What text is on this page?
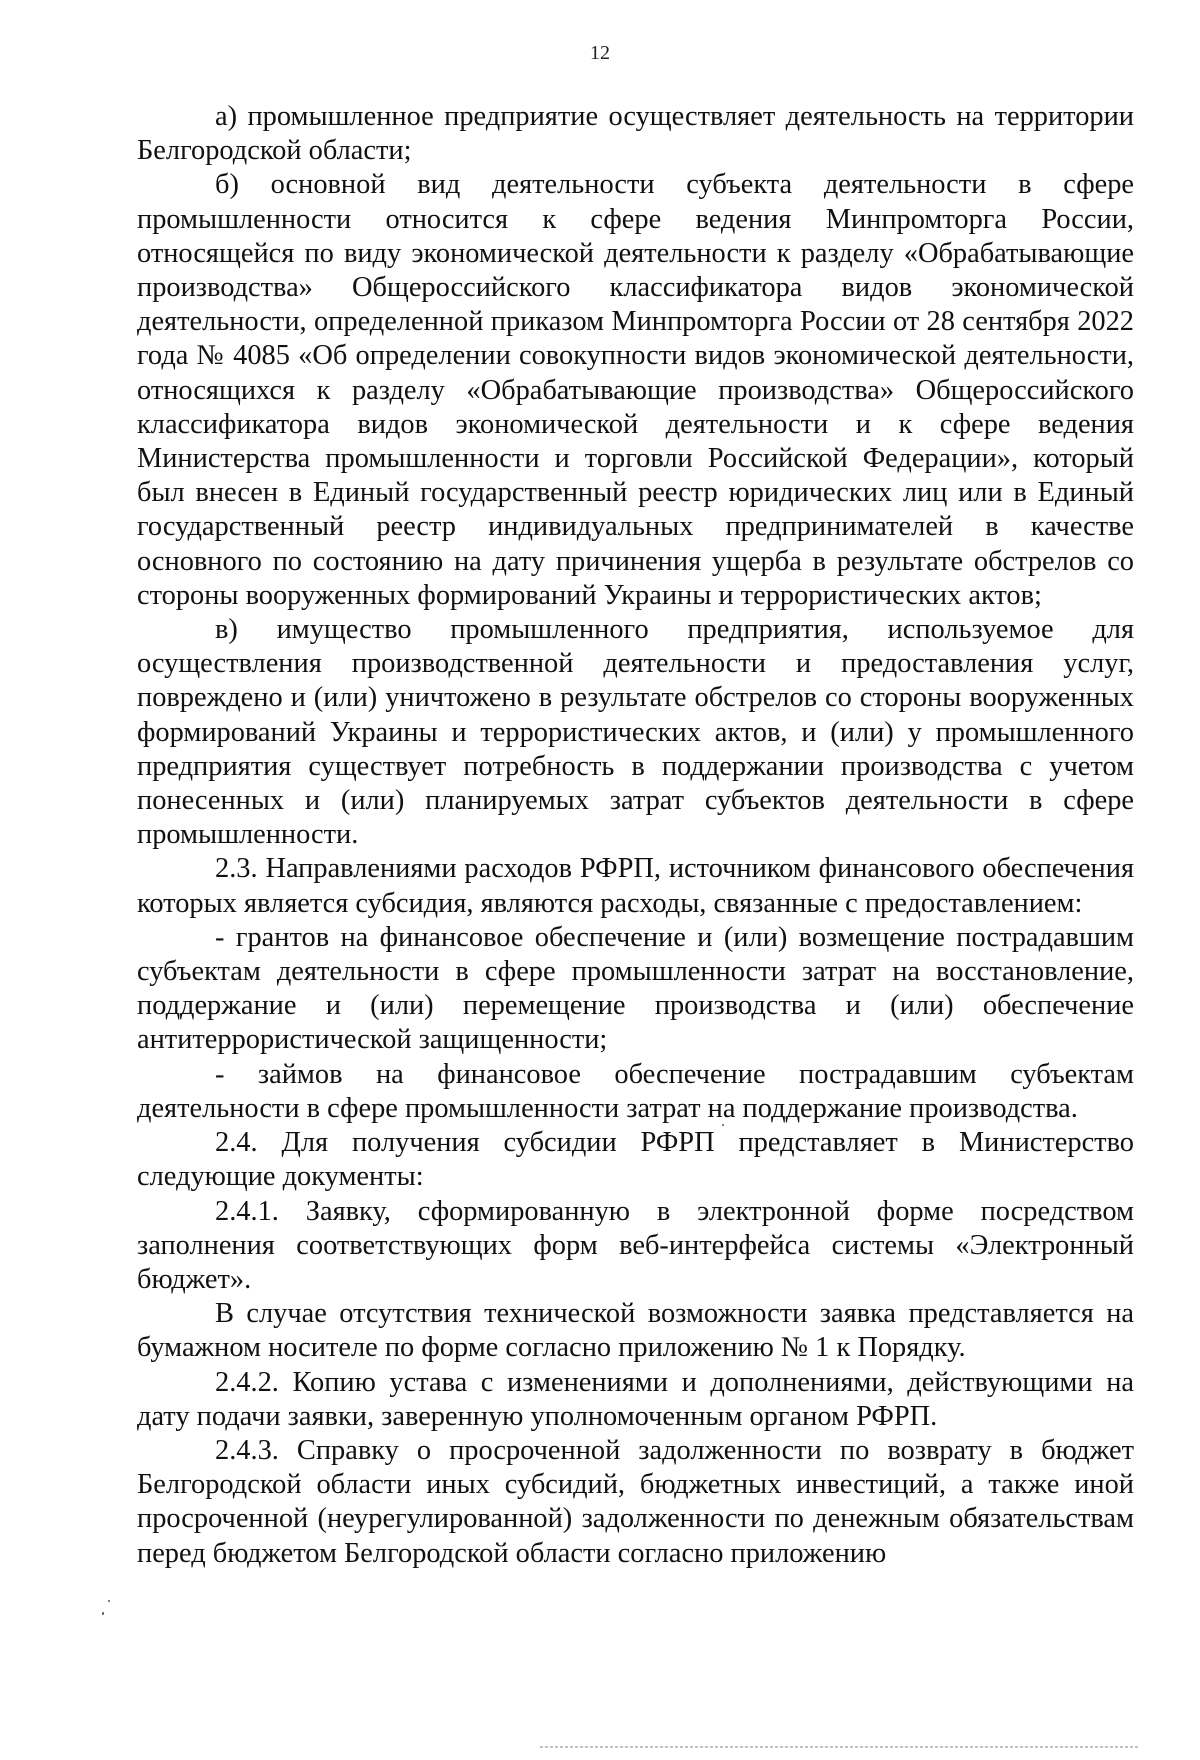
12

а) промышленное предприятие осуществляет деятельность на территории Белгородской области;

б) основной вид деятельности субъекта деятельности в сфере промышленности относится к сфере ведения Минпромторга России, относящейся по виду экономической деятельности к разделу «Обрабатывающие производства» Общероссийского классификатора видов экономической деятельности, определенной приказом Минпромторга России от 28 сентября 2022 года № 4085 «Об определении совокупности видов экономической деятельности, относящихся к разделу «Обрабатывающие производства» Общероссийского классификатора видов экономической деятельности и к сфере ведения Министерства промышленности и торговли Российской Федерации», который был внесен в Единый государственный реестр юридических лиц или в Единый государственный реестр индивидуальных предпринимателей в качестве основного по состоянию на дату причинения ущерба в результате обстрелов со стороны вооруженных формирований Украины и террористических актов;

в) имущество промышленного предприятия, используемое для осуществления производственной деятельности и предоставления услуг, повреждено и (или) уничтожено в результате обстрелов со стороны вооруженных формирований Украины и террористических актов, и (или) у промышленного предприятия существует потребность в поддержании производства с учетом понесенных и (или) планируемых затрат субъектов деятельности в сфере промышленности.

2.3. Направлениями расходов РФРП, источником финансового обеспечения которых является субсидия, являются расходы, связанные с предоставлением:

- грантов на финансовое обеспечение и (или) возмещение пострадавшим субъектам деятельности в сфере промышленности затрат на восстановление, поддержание и (или) перемещение производства и (или) обеспечение антитеррористической защищенности;

- займов на финансовое обеспечение пострадавшим субъектам деятельности в сфере промышленности затрат на поддержание производства.

2.4. Для получения субсидии РФРП представляет в Министерство следующие документы:

2.4.1. Заявку, сформированную в электронной форме посредством заполнения соответствующих форм веб-интерфейса системы «Электронный бюджет».

В случае отсутствия технической возможности заявка представляется на бумажном носителе по форме согласно приложению № 1 к Порядку.

2.4.2. Копию устава с изменениями и дополнениями, действующими на дату подачи заявки, заверенную уполномоченным органом РФРП.

2.4.3. Справку о просроченной задолженности по возврату в бюджет Белгородской области иных субсидий, бюджетных инвестиций, а также иной просроченной (неурегулированной) задолженности по денежным обязательствам перед бюджетом Белгородской области согласно приложению
